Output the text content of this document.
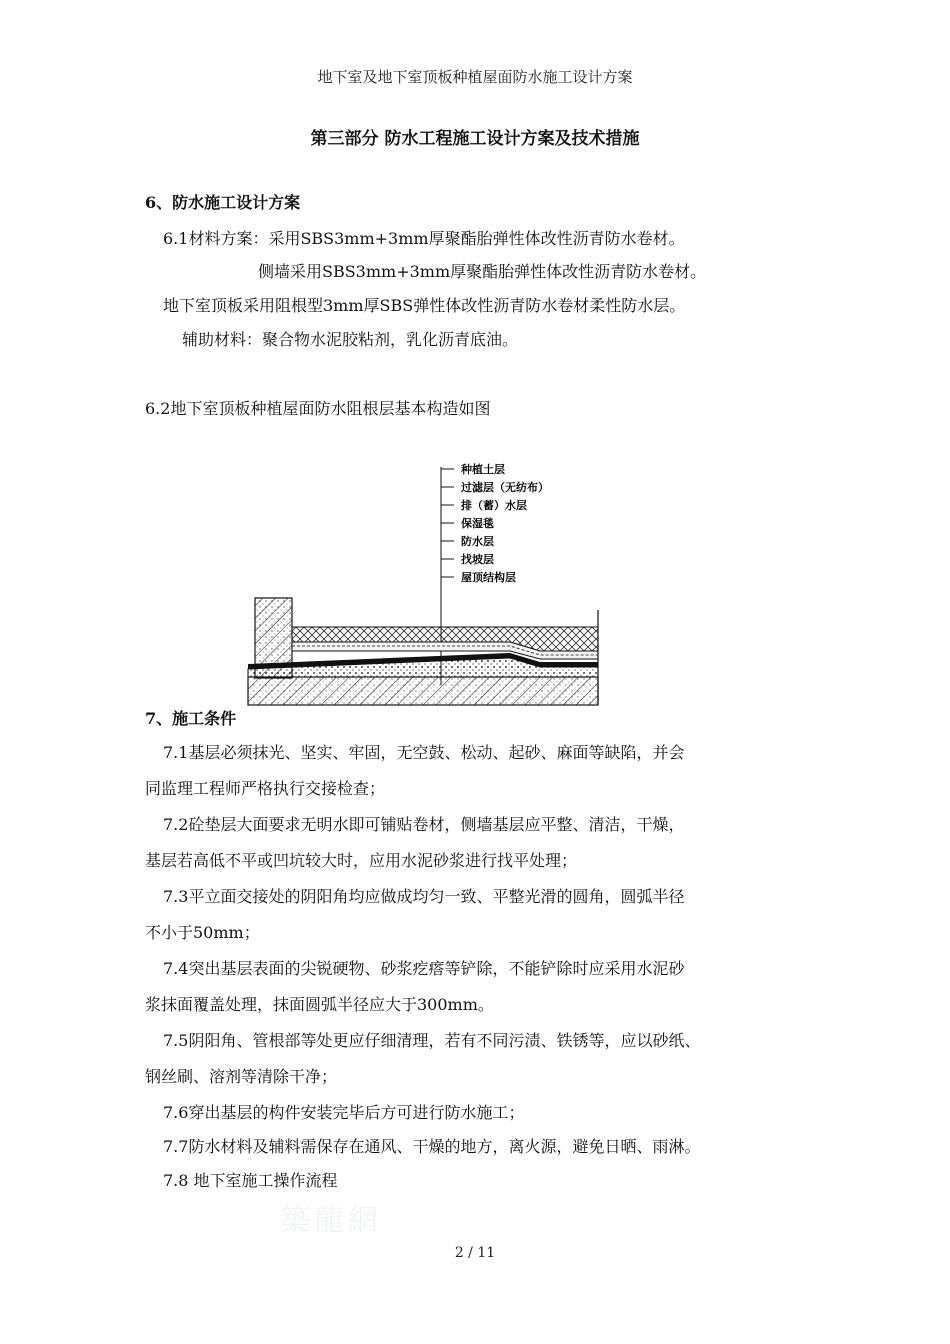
地下室及地下室顶板种植屋面防水施工设计方案
第三部分 防水工程施工设计方案及技术措施
6、防水施工设计方案
6.1材料方案：采用SBS3mm+3mm厚聚酯胎弹性体改性沥青防水卷材。
侧墙采用SBS3mm+3mm厚聚酯胎弹性体改性沥青防水卷材。
地下室顶板采用阻根型3mm厚SBS弹性体改性沥青防水卷材柔性防水层。
辅助材料：聚合物水泥胶粘剂，乳化沥青底油。
6.2地下室顶板种植屋面防水阻根层基本构造如图
种植土层
过滤层（无纺布）
排（蓄）水层
保湿毯
防水层
找坡层
屋顶结构层
7、施工条件
7.1基层必须抹光、坚实、牢固，无空鼓、松动、起砂、麻面等缺陷，并会
同监理工程师严格执行交接检查；
7.2砼垫层大面要求无明水即可铺贴卷材，侧墙基层应平整、清洁，干燥，
基层若高低不平或凹坑较大时，应用水泥砂浆进行找平处理；
7.3平立面交接处的阴阳角均应做成均匀一致、平整光滑的圆角，圆弧半径
不小于50mm；
7.4突出基层表面的尖锐硬物、砂浆疙瘩等铲除，不能铲除时应采用水泥砂
浆抹面覆盖处理，抹面圆弧半径应大于300mm。
7.5阴阳角、管根部等处更应仔细清理，若有不同污渍、铁锈等，应以砂纸、
钢丝刷、溶剂等清除干净；
7.6穿出基层的构件安装完毕后方可进行防水施工；
7.7防水材料及辅料需保存在通风、干燥的地方，离火源，避免日晒、雨淋。
7.8 地下室施工操作流程
築龍網
2 / 11
